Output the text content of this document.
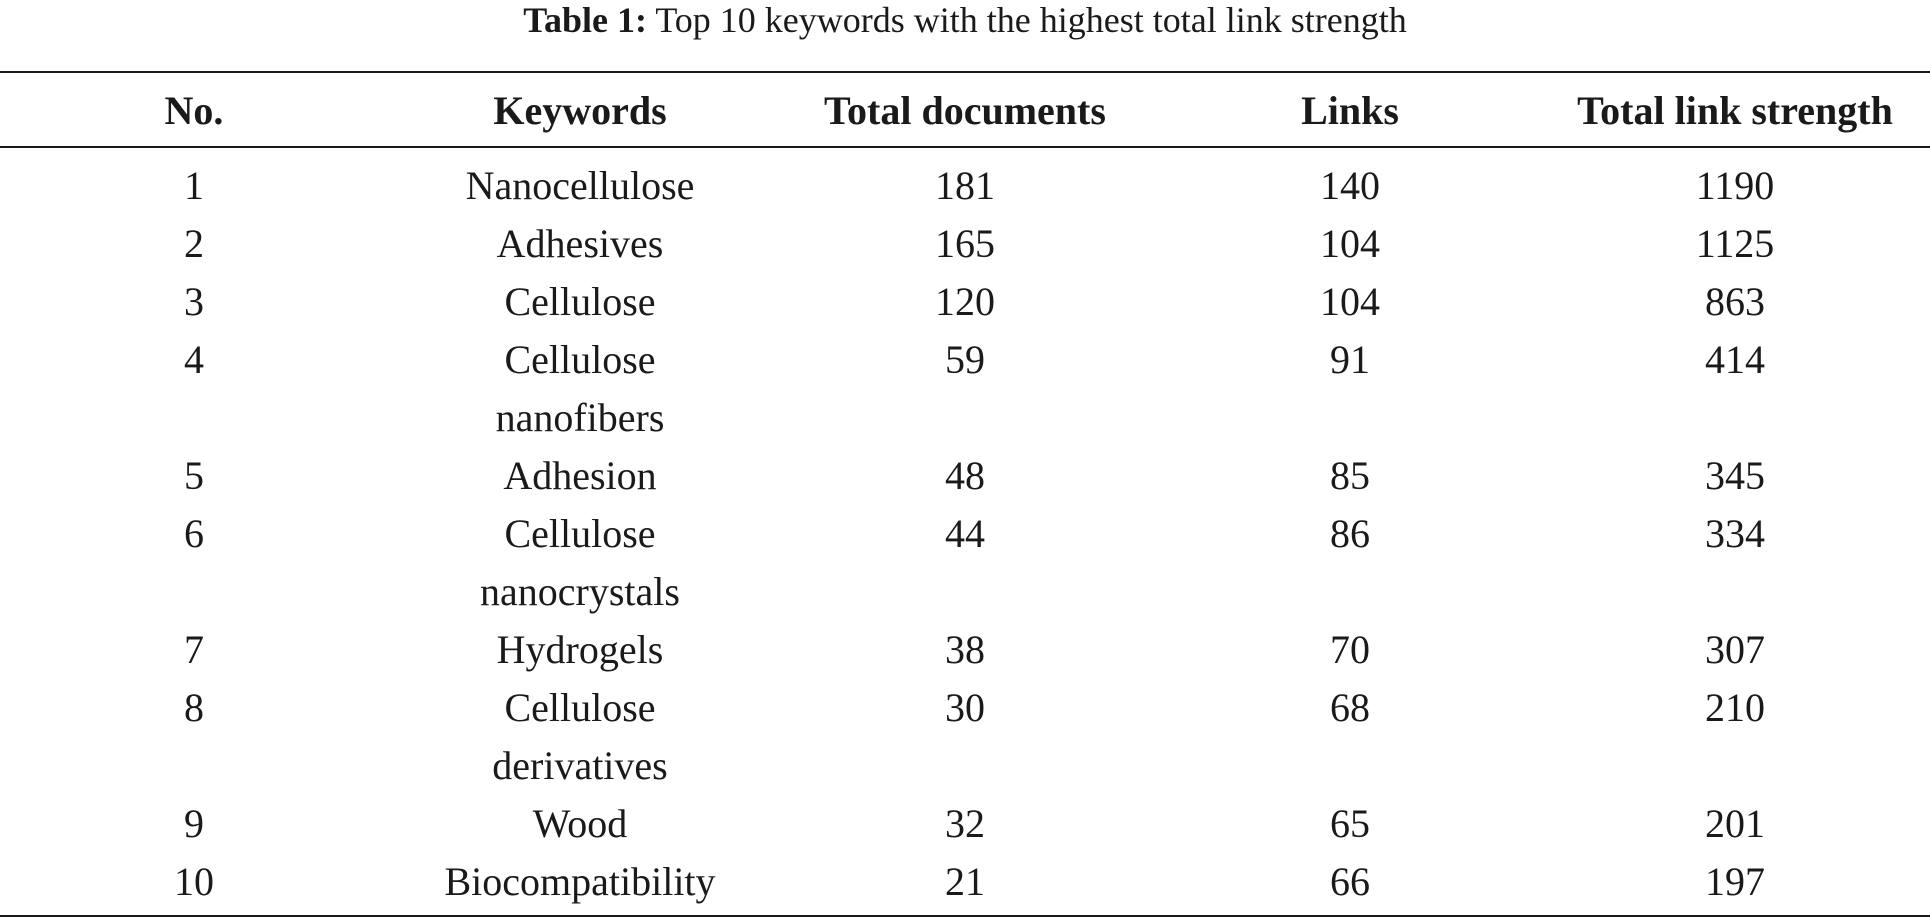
Table 1: Top 10 keywords with the highest total link strength
No.	Keywords	Total documents	Links	Total link strength
1	Nanocellulose	181	140	1190
2	Adhesives	165	104	1125
3	Cellulose	120	104	863
4	Cellulose	59	91	414
nanofibers
5	Adhesion	48	85	345
6	Cellulose	44	86	334
nanocrystals
7	Hydrogels	38	70	307
8	Cellulose	30	68	210
derivatives
9	Wood	32	65	201
10	Biocompatibility	21	66	197
